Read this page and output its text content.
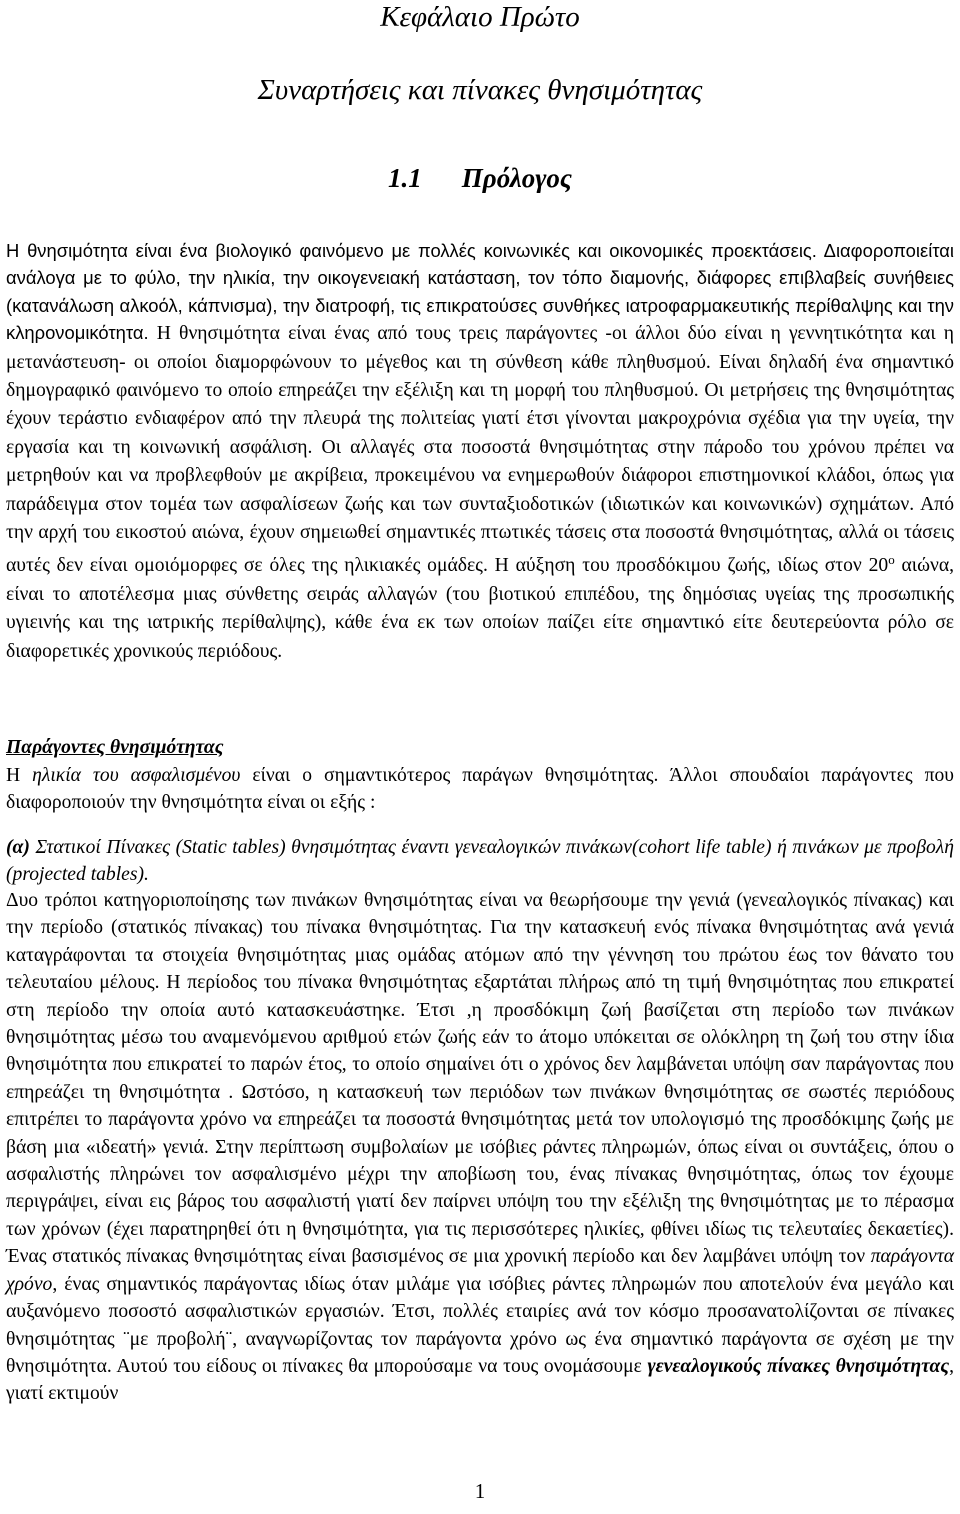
Κεφάλαιο Πρώτο
Συναρτήσεις και πίνακες θνησιμότητας
1.1 Πρόλογος
Η θνησιμότητα είναι ένα βιολογικό φαινόμενο με πολλές κοινωνικές και οικονομικές προεκτάσεις. Διαφοροποιείται ανάλογα με το φύλο, την ηλικία, την οικογενειακή κατάσταση, τον τόπο διαμονής, διάφορες επιβλαβείς συνήθειες (κατανάλωση αλκοόλ, κάπνισμα), την διατροφή, τις επικρατούσες συνθήκες ιατροφαρμακευτικής περίθαλψης και την κληρονομικότητα. Η θνησιμότητα είναι ένας από τους τρεις παράγοντες -οι άλλοι δύο είναι η γεννητικότητα και η μετανάστευση- οι οποίοι διαμορφώνουν το μέγεθος και τη σύνθεση κάθε πληθυσμού. Είναι δηλαδή ένα σημαντικό δημογραφικό φαινόμενο το οποίο επηρεάζει την εξέλιξη και τη μορφή του πληθυσμού. Οι μετρήσεις της θνησιμότητας έχουν τεράστιο ενδιαφέρον από την πλευρά της πολιτείας γιατί έτσι γίνονται μακροχρόνια σχέδια για την υγεία, την εργασία και τη κοινωνική ασφάλιση. Οι αλλαγές στα ποσοστά θνησιμότητας στην πάροδο του χρόνου πρέπει να μετρηθούν και να προβλεφθούν με ακρίβεια, προκειμένου να ενημερωθούν διάφοροι επιστημονικοί κλάδοι, όπως για παράδειγμα στον τομέα των ασφαλίσεων ζωής και των συνταξιοδοτικών (ιδιωτικών και κοινωνικών) σχημάτων. Από την αρχή του εικοστού αιώνα, έχουν σημειωθεί σημαντικές πτωτικές τάσεις στα ποσοστά θνησιμότητας, αλλά οι τάσεις αυτές δεν είναι ομοιόμορφες σε όλες της ηλικιακές ομάδες. Η αύξηση του προσδόκιμου ζωής, ιδίως στον $20^o$ αιώνα, είναι το αποτέλεσμα μιας σύνθετης σειράς αλλαγών (του βιοτικού επιπέδου, της δημόσιας υγείας της προσωπικής υγιεινής και της ιατρικής περίθαλψης), κάθε ένα εκ των οποίων παίζει είτε σημαντικό είτε δευτερεύοντα ρόλο σε διαφορετικές χρονικούς περιόδους.
Παράγοντες θνησιμότητας
Η ηλικία του ασφαλισμένου είναι ο σημαντικότερος παράγων θνησιμότητας. Άλλοι σπουδαίοι παράγοντες που διαφοροποιούν την θνησιμότητα είναι οι εξής :
(α) Στατικοί Πίνακες (Static tables) θνησιμότητας έναντι γενεαλογικών πινάκων(cohort life table) ή πινάκων με προβολή (projected tables).
Δυο τρόποι κατηγοριοποίησης των πινάκων θνησιμότητας είναι να θεωρήσουμε την γενιά (γενεαλογικός πίνακας) και την περίοδο (στατικός πίνακας) του πίνακα θνησιμότητας. Για την κατασκευή ενός πίνακα θνησιμότητας ανά γενιά καταγράφονται τα στοιχεία θνησιμότητας μιας ομάδας ατόμων από την γέννηση του πρώτου έως τον θάνατο του τελευταίου μέλους. Η περίοδος του πίνακα θνησιμότητας εξαρτάται πλήρως από τη τιμή θνησιμότητας που επικρατεί στη περίοδο την οποία αυτό κατασκευάστηκε. Έτσι ,η προσδόκιμη ζωή βασίζεται στη περίοδο των πινάκων θνησιμότητας μέσω του αναμενόμενου αριθμού ετών ζωής εάν το άτομο υπόκειται σε ολόκληρη τη ζωή του στην ίδια θνησιμότητα που επικρατεί το παρών έτος, το οποίο σημαίνει ότι ο χρόνος δεν λαμβάνεται υπόψη σαν παράγοντας που επηρεάζει τη θνησιμότητα . Ωστόσο, η κατασκευή των περιόδων των πινάκων θνησιμότητας σε σωστές περιόδους επιτρέπει το παράγοντα χρόνο να επηρεάζει τα ποσοστά θνησιμότητας μετά τον υπολογισμό της προσδόκιμης ζωής με βάση μια «ιδεατή» γενιά. Στην περίπτωση συμβολαίων με ισόβιες ράντες πληρωμών, όπως είναι οι συντάξεις, όπου ο ασφαλιστής πληρώνει τον ασφαλισμένο μέχρι την αποβίωση του, ένας πίνακας θνησιμότητας, όπως τον έχουμε περιγράψει, είναι εις βάρος του ασφαλιστή γιατί δεν παίρνει υπόψη του την εξέλιξη της θνησιμότητας με το πέρασμα των χρόνων (έχει παρατηρηθεί ότι η θνησιμότητα, για τις περισσότερες ηλικίες, φθίνει ιδίως τις τελευταίες δεκαετίες). Ένας στατικός πίνακας θνησιμότητας είναι βασισμένος σε μια χρονική περίοδο και δεν λαμβάνει υπόψη τον παράγοντα χρόνο, ένας σημαντικός παράγοντας ιδίως όταν μιλάμε για ισόβιες ράντες πληρωμών που αποτελούν ένα μεγάλο και αυξανόμενο ποσοστό ασφαλιστικών εργασιών. Έτσι, πολλές εταιρίες ανά τον κόσμο προσανατολίζονται σε πίνακες θνησιμότητας ¨με προβολή¨, αναγνωρίζοντας τον παράγοντα χρόνο ως ένα σημαντικό παράγοντα σε σχέση με την θνησιμότητα. Αυτού του είδους οι πίνακες θα μπορούσαμε να τους ονομάσουμε γενεαλογικούς πίνακες θνησιμότητας, γιατί εκτιμούν
1
